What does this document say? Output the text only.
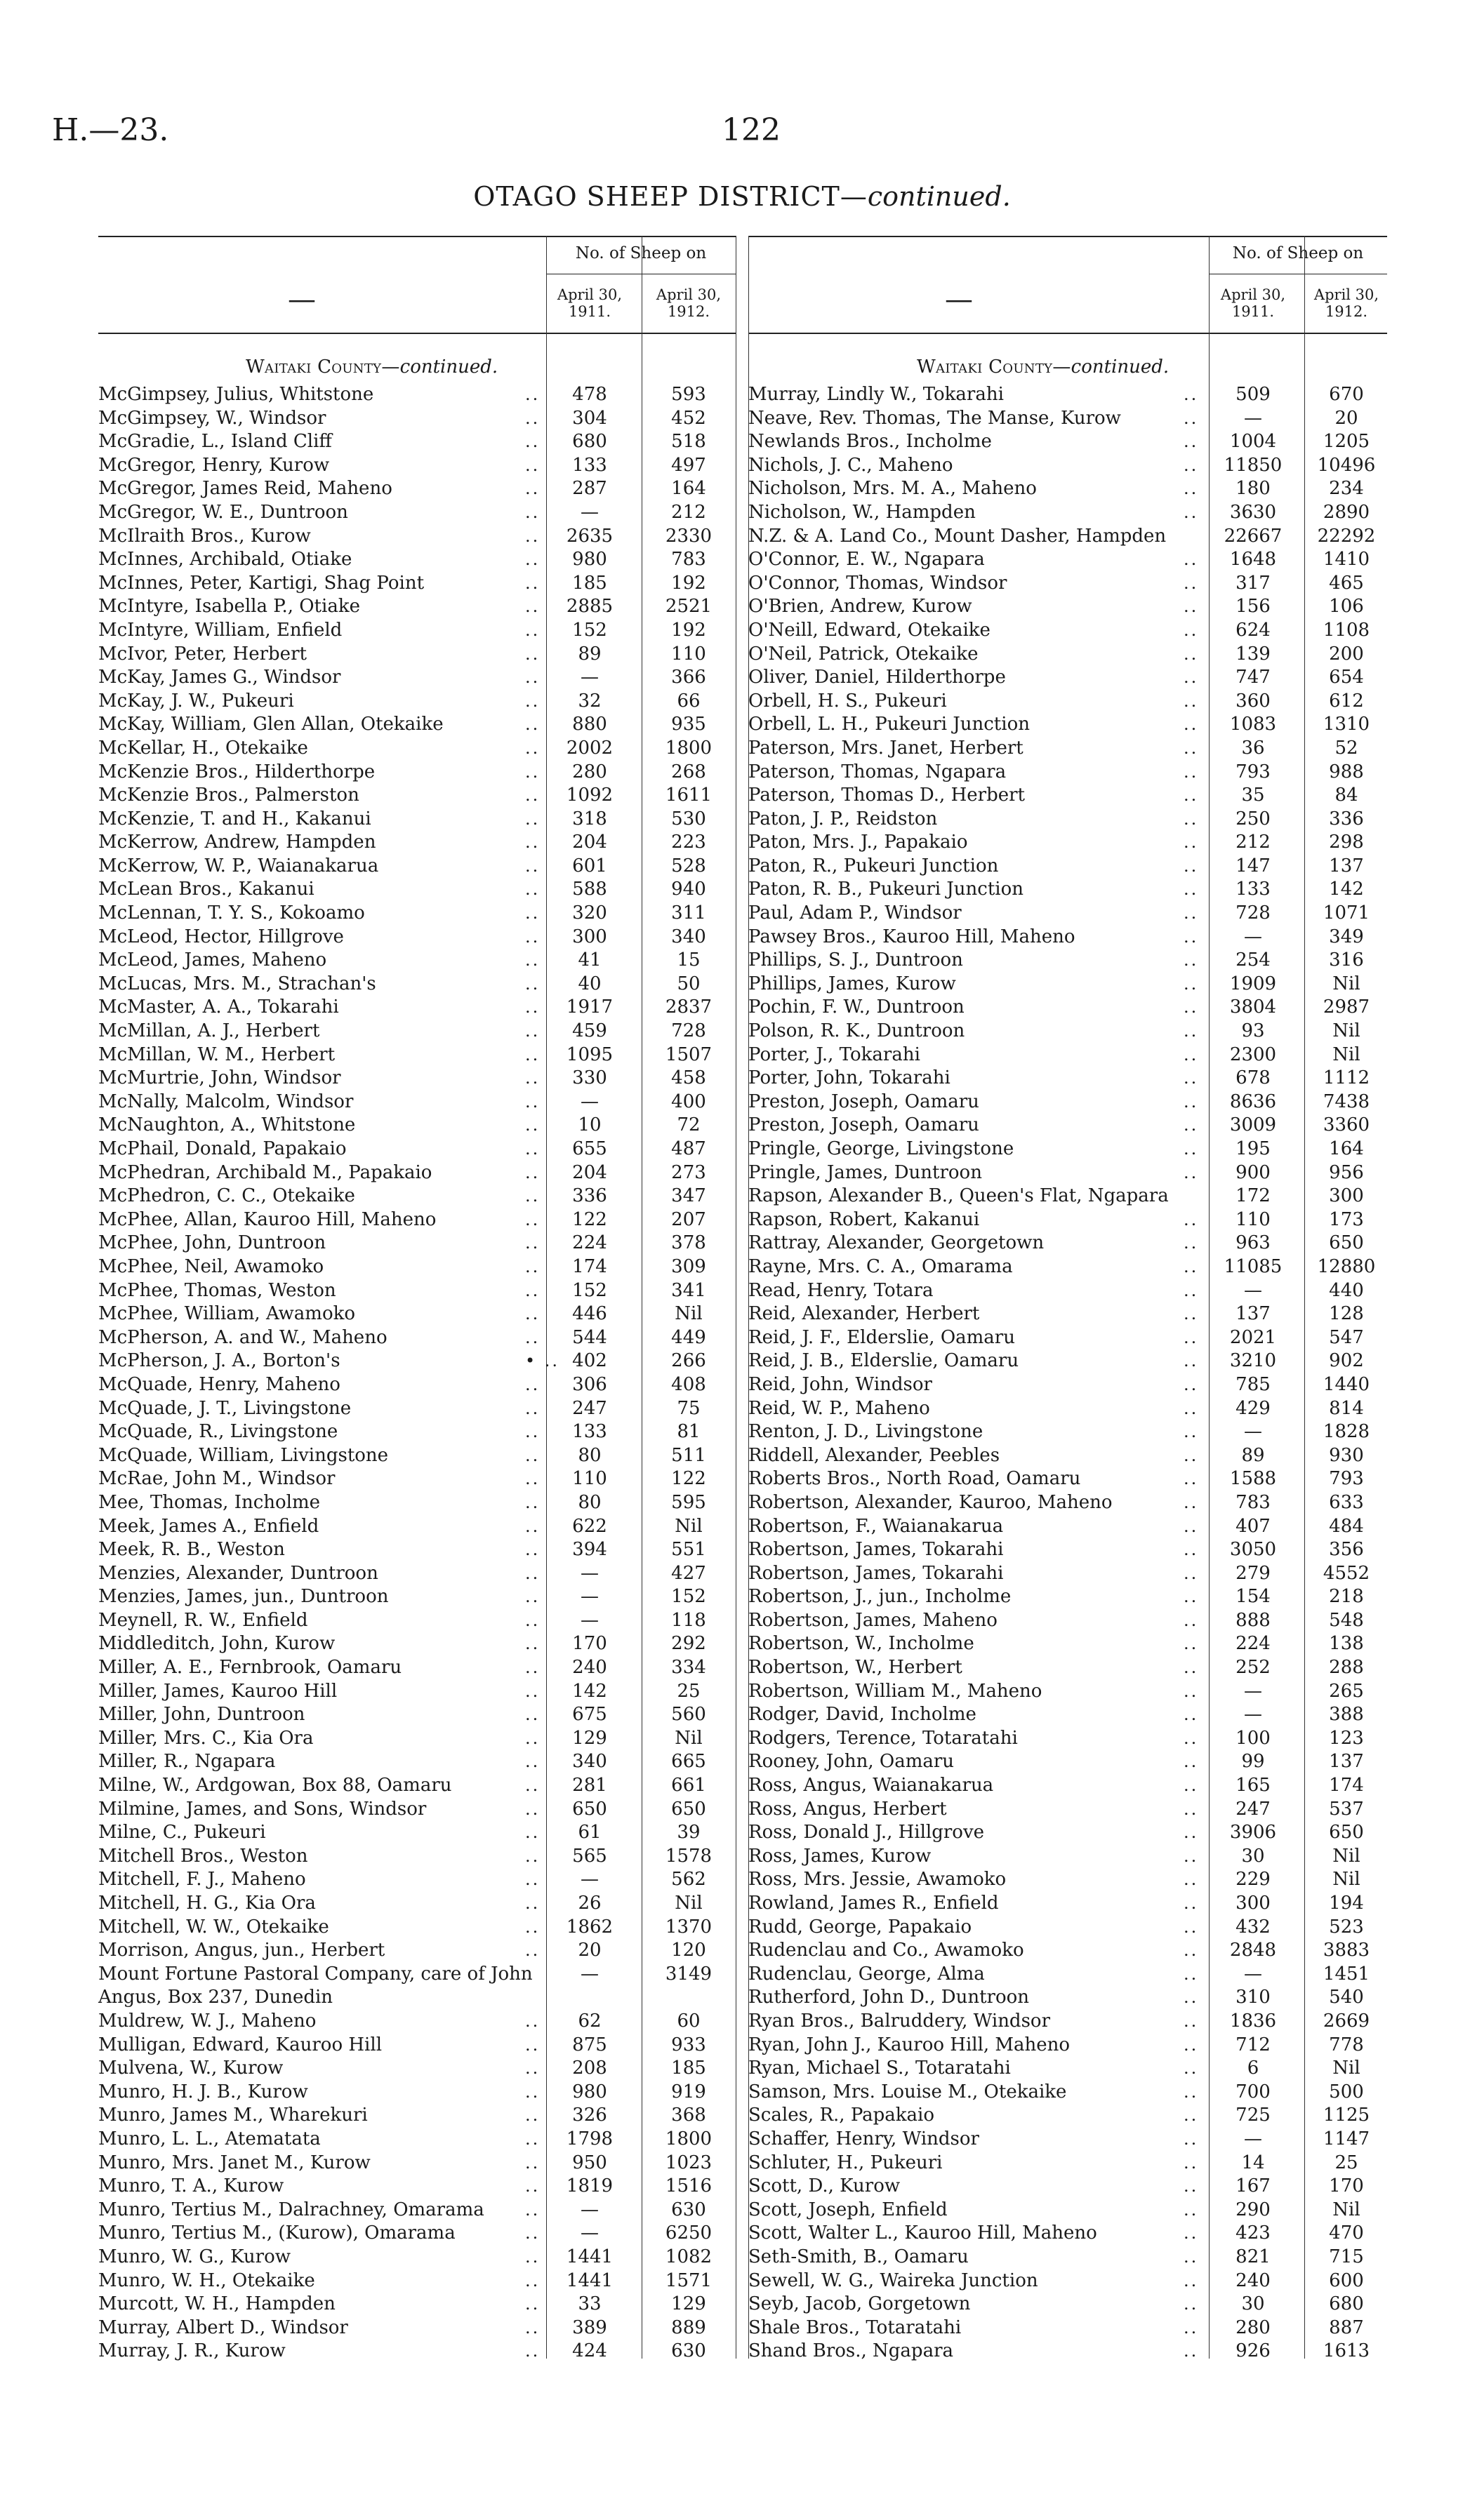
H.—23.	122
OTAGO SHEEP DISTRICT—continued.
—
No. of Sheep on
April 30,
1911.
April 30,
1912.
Waitaki County—continued.
McGimpsey, Julius, Whitstone	..	478	593
McGimpsey, W., Windsor	..	304	452
McGradie, L., Island Cliff	..	680	518
McGregor, Henry, Kurow	..	133	497
McGregor, James Reid, Maheno	..	287	164
McGregor, W. E., Duntroon	..	—	212
McIlraith Bros., Kurow	..	2635	2330
McInnes, Archibald, Otiake	..	980	783
McInnes, Peter, Kartigi, Shag Point	..	185	192
McIntyre, Isabella P., Otiake	..	2885	2521
McIntyre, William, Enfield	..	152	192
McIvor, Peter, Herbert	..	89	110
McKay, James G., Windsor	..	—	366
McKay, J. W., Pukeuri	..	32	66
McKay, William, Glen Allan, Otekaike	..	880	935
McKellar, H., Otekaike	..	2002	1800
McKenzie Bros., Hilderthorpe	..	280	268
McKenzie Bros., Palmerston	..	1092	1611
McKenzie, T. and H., Kakanui	..	318	530
McKerrow, Andrew, Hampden	..	204	223
McKerrow, W. P., Waianakarua	..	601	528
McLean Bros., Kakanui	..	588	940
McLennan, T. Y. S., Kokoamo	..	320	311
McLeod, Hector, Hillgrove	..	300	340
McLeod, James, Maheno	..	41	15
McLucas, Mrs. M., Strachan's	..	40	50
McMaster, A. A., Tokarahi	..	1917	2837
McMillan, A. J., Herbert	..	459	728
McMillan, W. M., Herbert	..	1095	1507
McMurtrie, John, Windsor	..	330	458
McNally, Malcolm, Windsor	..	—	400
McNaughton, A., Whitstone	..	10	72
McPhail, Donald, Papakaio	..	655	487
McPhedran, Archibald M., Papakaio	..	204	273
McPhedron, C. C., Otekaike	..	336	347
McPhee, Allan, Kauroo Hill, Maheno	..	122	207
McPhee, John, Duntroon	..	224	378
McPhee, Neil, Awamoko	..	174	309
McPhee, Thomas, Weston	..	152	341
McPhee, William, Awamoko	..	446	Nil
McPherson, A. and W., Maheno	..	544	449
McPherson, J. A., Borton's	• .. 402	266
McQuade, Henry, Maheno	..	306	408
McQuade, J. T., Livingstone	..	247	75
McQuade, R., Livingstone	..	133	81
McQuade, William, Livingstone	..	80	511
McRae, John M., Windsor	..	110	122
Mee, Thomas, Incholme	..	80	595
Meek, James A., Enfield	..	622	Nil
Meek, R. B., Weston	..	394	551
Menzies, Alexander, Duntroon	..	—	427
Menzies, James, jun., Duntroon	..	—	152
Meynell, R. W., Enfield	..	—	118
Middleditch, John, Kurow	..	170	292
Miller, A. E., Fernbrook, Oamaru	..	240	334
Miller, James, Kauroo Hill	..	142	25
Miller, John, Duntroon	..	675	560
Miller, Mrs. C., Kia Ora	..	129	Nil
Miller, R., Ngapara	..	340	665
Milne, W., Ardgowan, Box 88, Oamaru	..	281	661
Milmine, James, and Sons, Windsor	..	650	650
Milne, C., Pukeuri	..	61	39
Mitchell Bros., Weston	..	565	1578
Mitchell, F. J., Maheno	..	—	562
Mitchell, H. G., Kia Ora	..	26	Nil
Mitchell, W. W., Otekaike	..	1862	1370
Morrison, Angus, jun., Herbert	..	20	120
Mount Fortune Pastoral Company, care of John Angus, Box 237, Dunedin
—	3149
Muldrew, W. J., Maheno	..	62	60
Mulligan, Edward, Kauroo Hill	..	875	933
Mulvena, W., Kurow	..	208	185
Munro, H. J. B., Kurow	..	980	919
Munro, James M., Wharekuri	..	326	368
Munro, L. L., Atematata	..	1798	1800
Munro, Mrs. Janet M., Kurow	..	950	1023
Munro, T. A., Kurow	..	1819	1516
Munro, Tertius M., Dalrachney, Omarama	..	—	630
Munro, Tertius M., (Kurow), Omarama	..	—	6250
Munro, W. G., Kurow	..	1441	1082
Munro, W. H., Otekaike	..	1441	1571
Murcott, W. H., Hampden	..	33	129
Murray, Albert D., Windsor	..	389	889
Murray, J. R., Kurow	..	424	630
—
No. of Sheep on
April 30,
1911.
April 30,
1912.
Waitaki County—continued.
Murray, Lindly W., Tokarahi	..	509	670
Neave, Rev. Thomas, The Manse, Kurow	..	—	20
Newlands Bros., Incholme	..	1004	1205
Nichols, J. C., Maheno	..	11850	10496
Nicholson, Mrs. M. A., Maheno	..	180	234
Nicholson, W., Hampden	..	3630	2890
N.Z. & A. Land Co., Mount Dasher, Hampden	22667	22292
O'Connor, E. W., Ngapara	..	1648	1410
O'Connor, Thomas, Windsor	..	317	465
O'Brien, Andrew, Kurow	..	156	106
O'Neill, Edward, Otekaike	..	624	1108
O'Neil, Patrick, Otekaike	..	139	200
Oliver, Daniel, Hilderthorpe	..	747	654
Orbell, H. S., Pukeuri	..	360	612
Orbell, L. H., Pukeuri Junction	..	1083	1310
Paterson, Mrs. Janet, Herbert	..	36	52
Paterson, Thomas, Ngapara	..	793	988
Paterson, Thomas D., Herbert	..	35	84
Paton, J. P., Reidston	..	250	336
Paton, Mrs. J., Papakaio	..	212	298
Paton, R., Pukeuri Junction	..	147	137
Paton, R. B., Pukeuri Junction	..	133	142
Paul, Adam P., Windsor	..	728	1071
Pawsey Bros., Kauroo Hill, Maheno	..	—	349
Phillips, S. J., Duntroon	..	254	316
Phillips, James, Kurow	..	1909	Nil
Pochin, F. W., Duntroon	..	3804	2987
Polson, R. K., Duntroon	..	93	Nil
Porter, J., Tokarahi	..	2300	Nil
Porter, John, Tokarahi	..	678	1112
Preston, Joseph, Oamaru	..	8636	7438
Preston, Joseph, Oamaru	..	3009	3360
Pringle, George, Livingstone	..	195	164
Pringle, James, Duntroon	..	900	956
Rapson, Alexander B., Queen's Flat, Ngapara	172	300
Rapson, Robert, Kakanui	..	110	173
Rattray, Alexander, Georgetown	..	963	650
Rayne, Mrs. C. A., Omarama	..	11085	12880
Read, Henry, Totara	..	—	440
Reid, Alexander, Herbert	..	137	128
Reid, J. F., Elderslie, Oamaru	..	2021	547
Reid, J. B., Elderslie, Oamaru	..	3210	902
Reid, John, Windsor	..	785	1440
Reid, W. P., Maheno	..	429	814
Renton, J. D., Livingstone	..	—	1828
Riddell, Alexander, Peebles	..	89	930
Roberts Bros., North Road, Oamaru	..	1588	793
Robertson, Alexander, Kauroo, Maheno	..	783	633
Robertson, F., Waianakarua	..	407	484
Robertson, James, Tokarahi	..	3050	356
Robertson, James, Tokarahi	..	279	4552
Robertson, J., jun., Incholme	..	154	218
Robertson, James, Maheno	..	888	548
Robertson, W., Incholme	..	224	138
Robertson, W., Herbert	..	252	288
Robertson, William M., Maheno	..	—	265
Rodger, David, Incholme	..	—	388
Rodgers, Terence, Totaratahi	..	100	123
Rooney, John, Oamaru	..	99	137
Ross, Angus, Waianakarua	..	165	174
Ross, Angus, Herbert	..	247	537
Ross, Donald J., Hillgrove	..	3906	650
Ross, James, Kurow	..	30	Nil
Ross, Mrs. Jessie, Awamoko	..	229	Nil
Rowland, James R., Enfield	..	300	194
Rudd, George, Papakaio	..	432	523
Rudenclau and Co., Awamoko	..	2848	3883
Rudenclau, George, Alma	..	—	1451
Rutherford, John D., Duntroon	..	310	540
Ryan Bros., Balruddery, Windsor	..	1836	2669
Ryan, John J., Kauroo Hill, Maheno	..	712	778
Ryan, Michael S., Totaratahi	..	6	Nil
Samson, Mrs. Louise M., Otekaike	..	700	500
Scales, R., Papakaio	..	725	1125
Schaffer, Henry, Windsor	..	—	1147
Schluter, H., Pukeuri	..	14	25
Scott, D., Kurow	..	167	170
Scott, Joseph, Enfield	..	290	Nil
Scott, Walter L., Kauroo Hill, Maheno	..	423	470
Seth-Smith, B., Oamaru	..	821	715
Sewell, W. G., Waireka Junction	..	240	600
Seyb, Jacob, Gorgetown	..	30	680
Shale Bros., Totaratahi	..	280	887
Shand Bros., Ngapara	..	926	1613
